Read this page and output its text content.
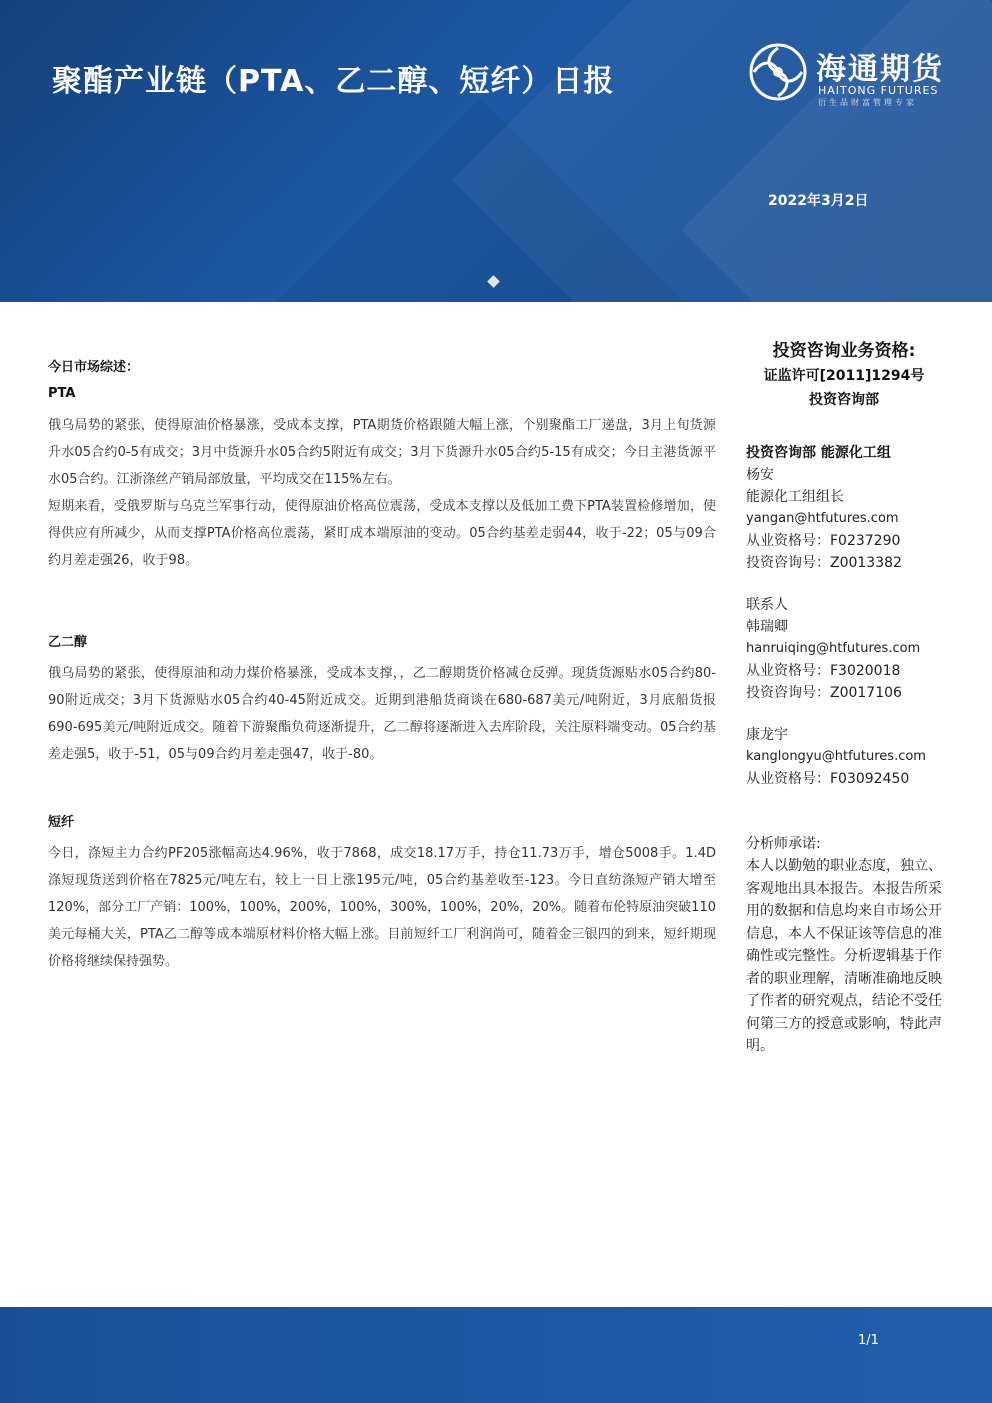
聚酯产业链（PTA、乙二醇、短纤）日报	海通期货
HAITONG FUTURES
衍生品财富管理专家
2022年3月2日

今日市场综述：

PTA

俄乌局势的紧张，使得原油价格暴涨，受成本支撑，PTA期货价格跟随大幅上涨，个别聚酯工厂递盘，3月上旬货源升水05合约0-5有成交；3月中货源升水05合约5附近有成交；3月下货源升水05合约5-15有成交；今日主港货源平水05合约。江浙涤丝产销局部放量，平均成交在115%左右。

短期来看，受俄罗斯与乌克兰军事行动，使得原油价格高位震荡，受成本支撑以及低加工费下PTA装置检修增加，使得供应有所减少，从而支撑PTA价格高位震荡，紧盯成本端原油的变动。05合约基差走弱44，收于-22；05与09合约月差走强26，收于98。

乙二醇

俄乌局势的紧张，使得原油和动力煤价格暴涨，受成本支撑，，乙二醇期货价格减仓反弹。现货货源贴水05合约80-90附近成交；3月下货源贴水05合约40-45附近成交。近期到港船货商谈在680-687美元/吨附近，3月底船货报690-695美元/吨附近成交。随着下游聚酯负荷逐渐提升，乙二醇将逐渐进入去库阶段，关注原料端变动。05合约基差走强5，收于-51，05与09合约月差走强47，收于-80。

短纤

今日，涤短主力合约PF205涨幅高达4.96%，收于7868，成交18.17万手，持仓11.73万手，增仓5008手。1.4D涤短现货送到价格在7825元/吨左右，较上一日上涨195元/吨，05合约基差收至-123。今日直纺涤短产销大增至120%，部分工厂产销：100%，100%，200%，100%，300%，100%，20%，20%。随着布伦特原油突破110美元每桶大关，PTA乙二醇等成本端原材料价格大幅上涨。目前短纤工厂利润尚可，随着金三银四的到来，短纤期现价格将继续保持强势。

投资咨询业务资格:
证监许可[2011]1294号
投资咨询部
投资咨询部 能源化工组
杨安
能源化工组组长
yangan@htfutures.com
从业资格号：F0237290
投资咨询号：Z0013382
联系人
韩瑞卿
hanruiqing@htfutures.com
从业资格号：F3020018
投资咨询号：Z0017106
康龙宇
kanglongyu@htfutures.com
从业资格号：F03092450
分析师承诺:
本人以勤勉的职业态度，独立、客观地出具本报告。本报告所采用的数据和信息均来自市场公开信息，本人不保证该等信息的准确性或完整性。分析逻辑基于作者的职业理解，清晰准确地反映了作者的研究观点，结论不受任何第三方的授意或影响，特此声明。
1/1
